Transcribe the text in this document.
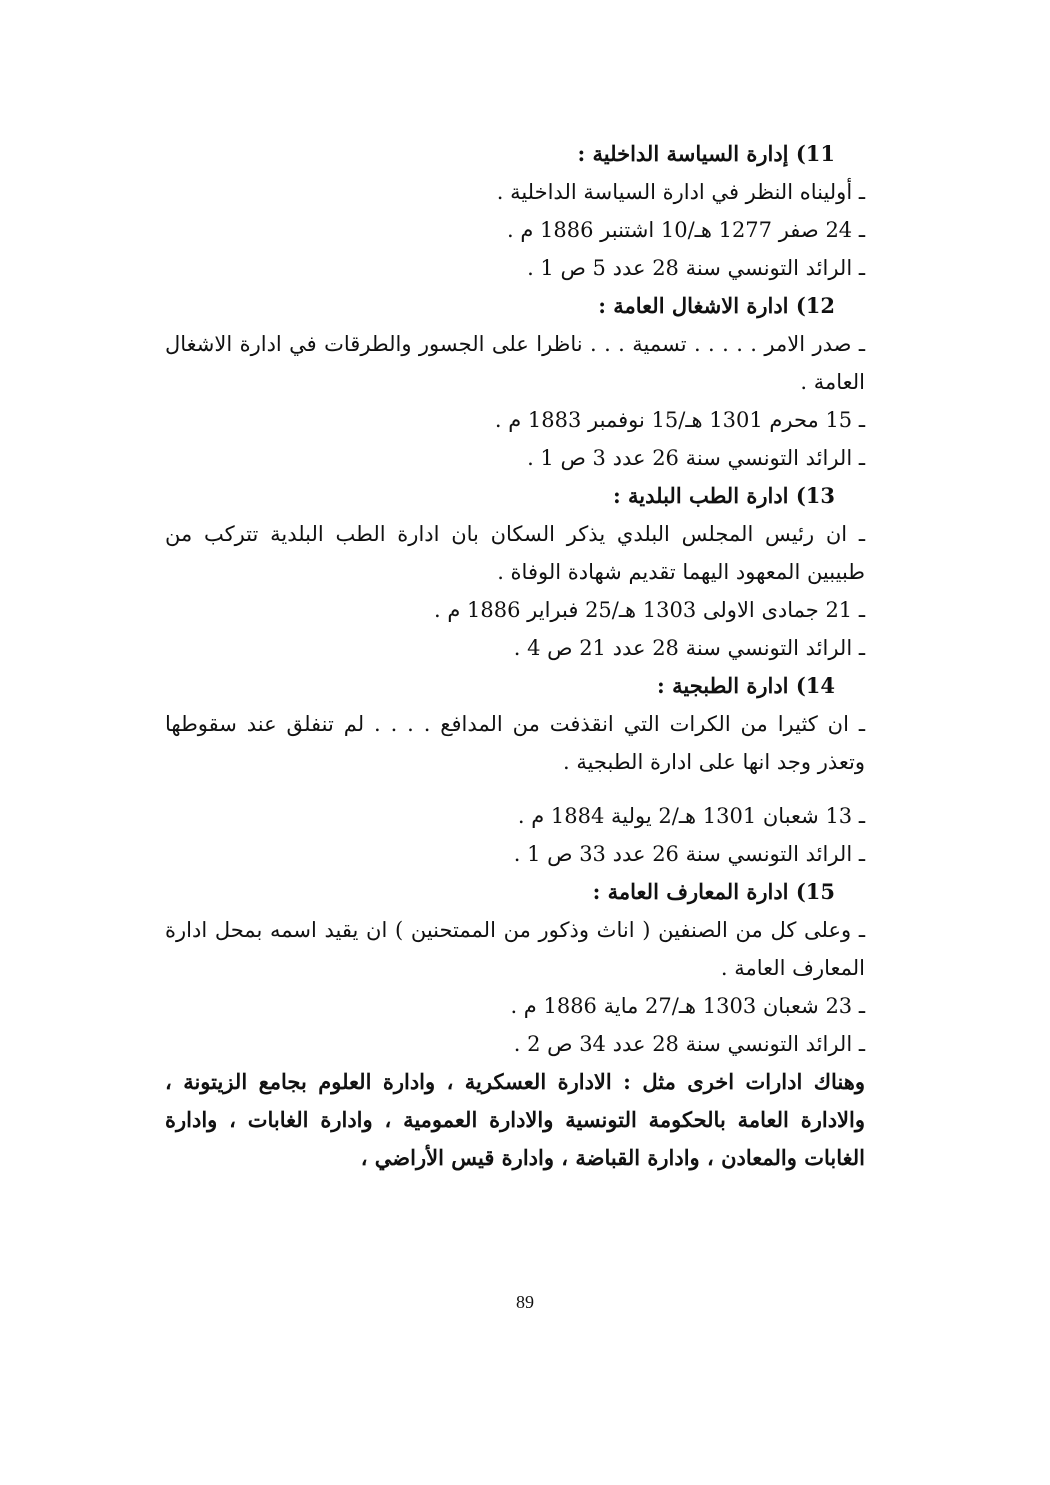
11) إدارة السياسة الداخلية :
ـ أوليناه النظر في ادارة السياسة الداخلية .
ـ 24 صفر 1277 هـ/10 اشتنبر 1886 م .
ـ الرائد التونسي سنة 28 عدد 5 ص 1 .
12) ادارة الاشغال العامة :
ـ صدر الامر . . . . . تسمية . . . ناظرا على الجسور والطرقات في ادارة الاشغال العامة .
ـ 15 محرم 1301 هـ/15 نوفمبر 1883 م .
ـ الرائد التونسي سنة 26 عدد 3 ص 1 .
13) ادارة الطب البلدية :
ـ ان رئيس المجلس البلدي يذكر السكان بان ادارة الطب البلدية تتركب من طبيبين المعهود اليهما تقديم شهادة الوفاة .
ـ 21 جمادى الاولى 1303 هـ/25 فبراير 1886 م .
ـ الرائد التونسي سنة 28 عدد 21 ص 4 .
14) ادارة الطبجية :
ـ ان كثيرا من الكرات التي انقذفت من المدافع . . . . لم تنفلق عند سقوطها وتعذر وجد انها على ادارة الطبجية .
ـ 13 شعبان 1301 هـ/2 يولية 1884 م .
ـ الرائد التونسي سنة 26 عدد 33 ص 1 .
15) ادارة المعارف العامة :
ـ وعلى كل من الصنفين ( اناث وذكور من الممتحنين ) ان يقيد اسمه بمحل ادارة المعارف العامة .
ـ 23 شعبان 1303 هـ/27 ماية 1886 م .
ـ الرائد التونسي سنة 28 عدد 34 ص 2 .
وهناك ادارات اخرى مثل : الادارة العسكرية ، وادارة العلوم بجامع الزيتونة ، والادارة العامة بالحكومة التونسية والادارة العمومية ، وادارة الغابات ، وادارة الغابات والمعادن ، وادارة القباضة ، وادارة قيس الأراضي ،
89
